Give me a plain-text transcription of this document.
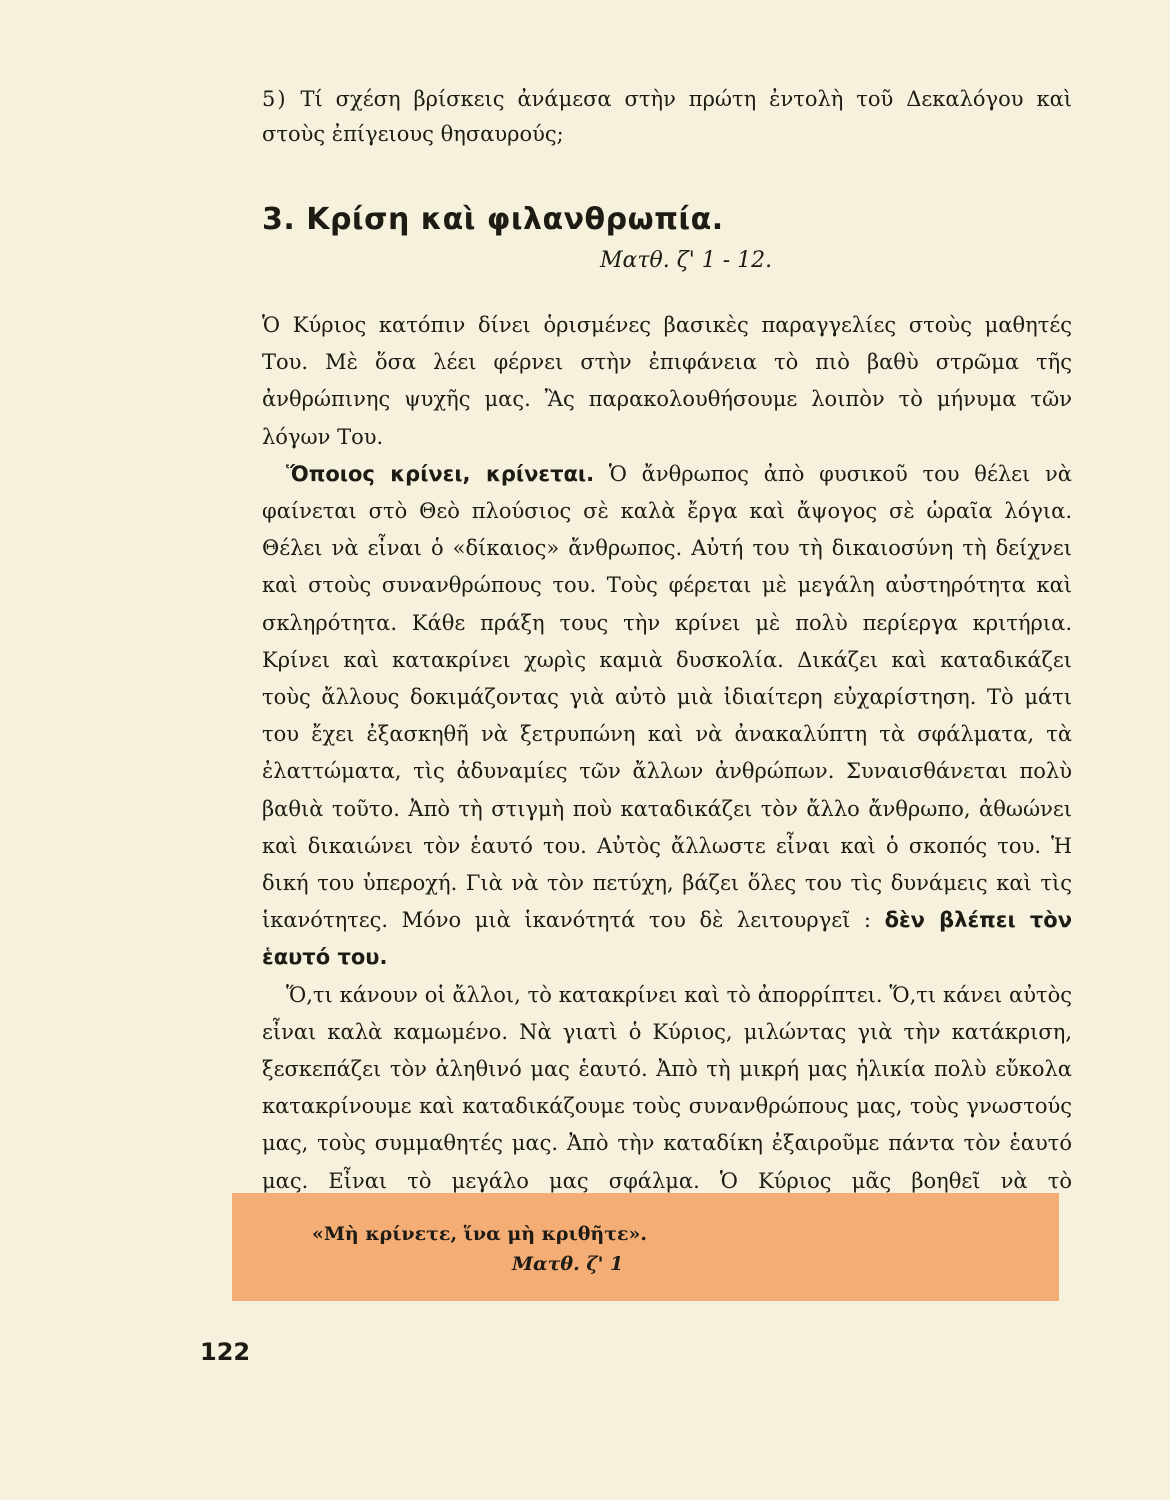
5) Τί σχέση βρίσκεις ἀνάμεσα στὴν πρώτη ἐντολὴ τοῦ Δεκαλόγου καὶ στοὺς ἐπίγειους θησαυρούς;
3. Κρίση καὶ φιλανθρωπία.
Ματθ. ζ' 1 - 12.

Ὁ Κύριος κατόπιν δίνει ὁρισμένες βασικὲς παραγγελίες στοὺς μαθητές Του. Μὲ ὅσα λέει φέρνει στὴν ἐπιφάνεια τὸ πιὸ βαθὺ στρῶμα τῆς ἀνθρώπινης ψυχῆς μας. Ἂς παρακολουθήσουμε λοιπὸν τὸ μήνυμα τῶν λόγων Του.

Ὅποιος κρίνει, κρίνεται. Ὁ ἄνθρωπος ἀπὸ φυσικοῦ του θέλει νὰ φαίνεται στὸ Θεὸ πλούσιος σὲ καλὰ ἔργα καὶ ἄψογος σὲ ὡραῖα λόγια. Θέλει νὰ εἶναι ὁ «δίκαιος» ἄνθρωπος. Αὐτή του τὴ δικαιοσύνη τὴ δείχνει καὶ στοὺς συνανθρώπους του. Τοὺς φέρεται μὲ μεγάλη αὐστηρότητα καὶ σκληρότητα. Κάθε πράξη τους τὴν κρίνει μὲ πολὺ περίεργα κριτήρια. Κρίνει καὶ κατακρίνει χωρὶς καμιὰ δυσκολία. Δικάζει καὶ καταδικάζει τοὺς ἄλλους δοκιμάζοντας γιὰ αὐτὸ μιὰ ἰδιαίτερη εὐχαρίστηση. Τὸ μάτι του ἔχει ἐξασκηθῆ νὰ ξετρυπώνη καὶ νὰ ἀνακαλύπτη τὰ σφάλματα, τὰ ἐλαττώματα, τὶς ἀδυναμίες τῶν ἄλλων ἀνθρώπων. Συναισθάνεται πολὺ βαθιὰ τοῦτο. Ἀπὸ τὴ στιγμὴ ποὺ καταδικάζει τὸν ἄλλο ἄνθρωπο, ἀθωώνει καὶ δικαιώνει τὸν ἑαυτό του. Αὐτὸς ἄλλωστε εἶναι καὶ ὁ σκοπός του. Ἡ δική του ὑπεροχή. Γιὰ νὰ τὸν πετύχη, βάζει ὅλες του τὶς δυνάμεις καὶ τὶς ἱκανότητες. Μόνο μιὰ ἱκανότητά του δὲ λειτουργεῖ : δὲν βλέπει τὸν ἑαυτό του.

Ὅ,τι κάνουν οἱ ἄλλοι, τὸ κατακρίνει καὶ τὸ ἀπορρίπτει. Ὅ,τι κάνει αὐτὸς εἶναι καλὰ καμωμένο. Νὰ γιατὶ ὁ Κύριος, μιλώντας γιὰ τὴν κατάκριση, ξεσκεπάζει τὸν ἀληθινό μας ἑαυτό. Ἀπὸ τὴ μικρή μας ἡλικία πολὺ εὔκολα κατακρίνουμε καὶ καταδικάζουμε τοὺς συνανθρώπους μας, τοὺς γνωστούς μας, τοὺς συμμαθητές μας. Ἀπὸ τὴν καταδίκη ἐξαιροῦμε πάντα τὸν ἑαυτό μας. Εἶναι τὸ μεγάλο μας σφάλμα. Ὁ Κύριος μᾶς βοηθεῖ νὰ τὸ

«Μὴ κρίνετε, ἵνα μὴ κριθῆτε».
Ματθ. ζ' 1
122
